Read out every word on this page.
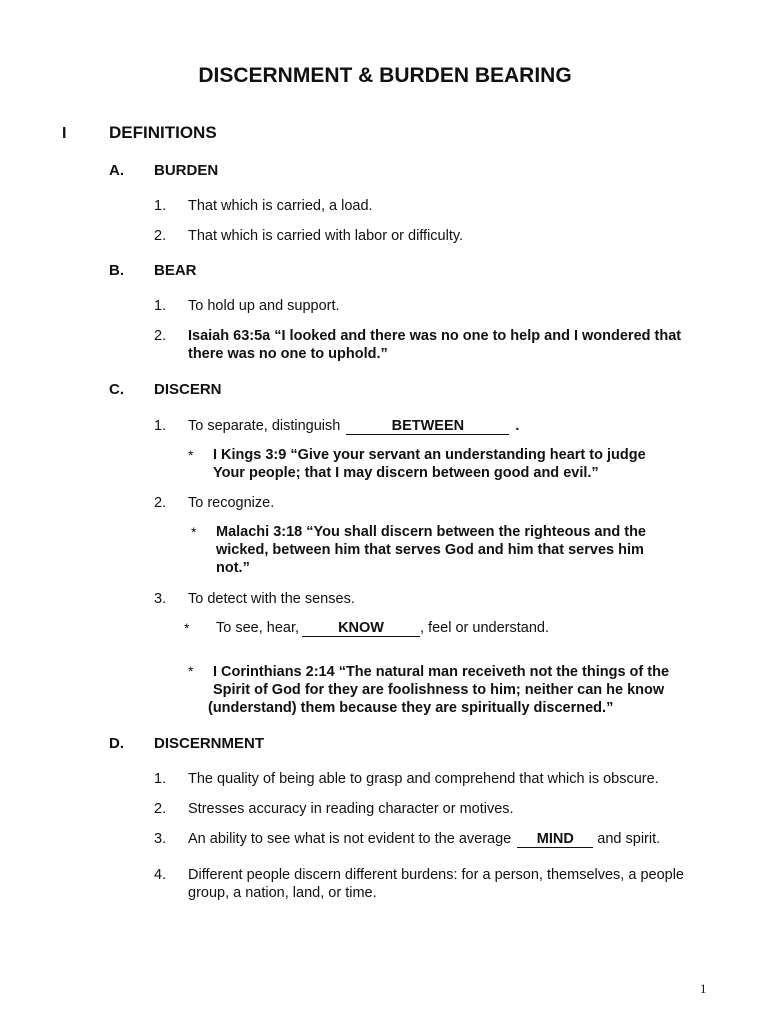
DISCERNMENT & BURDEN BEARING
I	DEFINITIONS
A. BURDEN
1. That which is carried, a load.
2. That which is carried with labor or difficulty.
B. BEAR
1. To hold up and support.
2. Isaiah 63:5a “I looked and there was no one to help and I wondered that
there was no one to uphold.”
C. DISCERN
1. To separate, distinguish	BETWEEN	.
* I Kings 3:9 “Give your servant an understanding heart to judge
Your people; that I may discern between good and evil.”
2. To recognize.
* Malachi 3:18 “You shall discern between the righteous and the
wicked, between him that serves God and him that serves him
not.”
3. To detect with the senses.
* To see, hear,	KNOW , feel or understand.
* I Corinthians 2:14 “The natural man receiveth not the things of the
Spirit of God for they are foolishness to him; neither can he know
(understand) them because they are spiritually discerned.”
D. DISCERNMENT
1. The quality of being able to grasp and comprehend that which is obscure.
2. Stresses accuracy in reading character or motives.
3. An ability to see what is not evident to the average MIND and spirit.
4. Different people discern different burdens: for a person, themselves, a people
group, a nation, land, or time.
1
